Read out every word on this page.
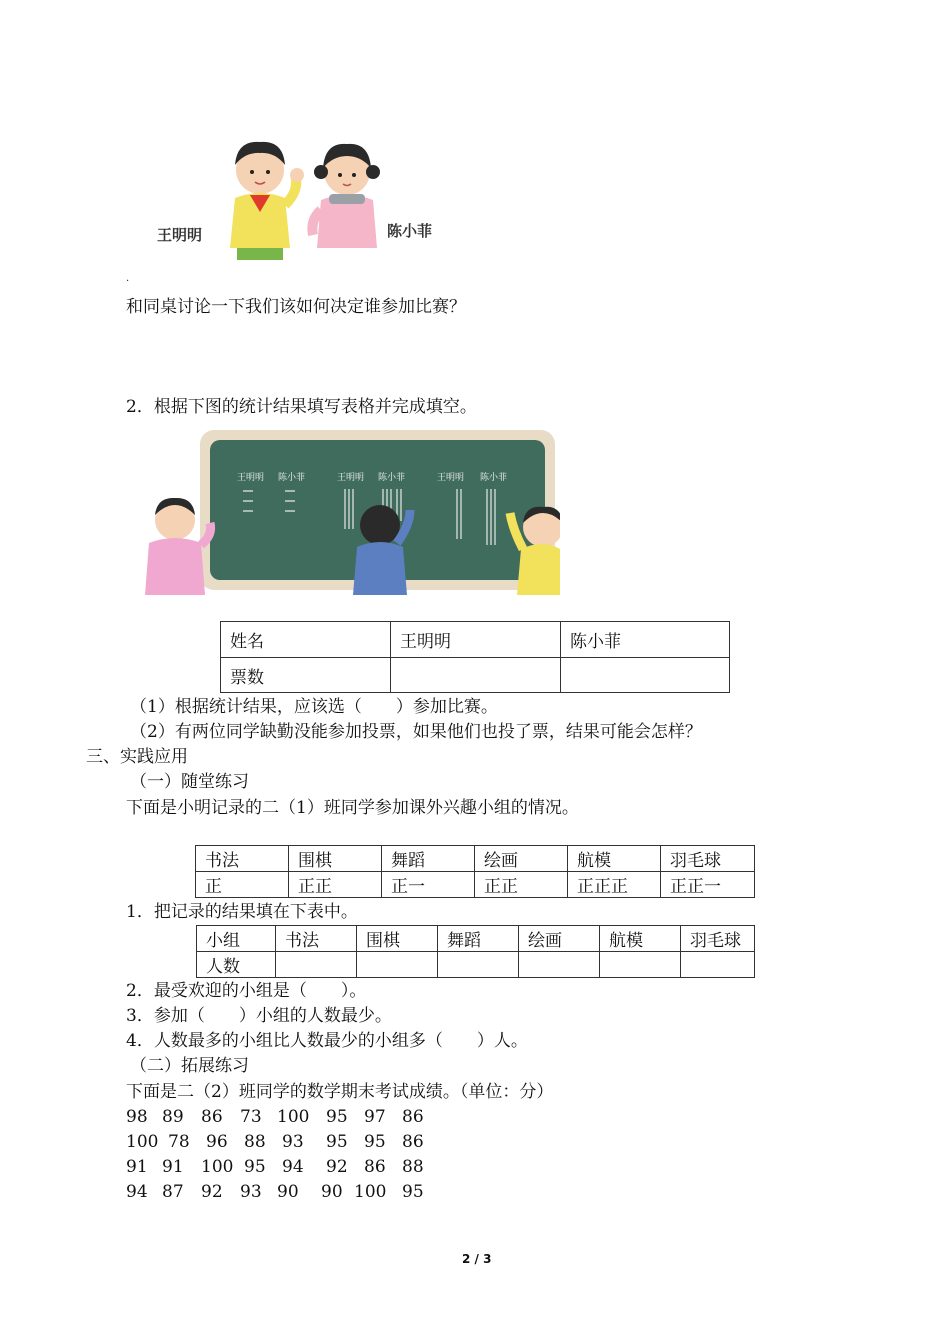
王明明	陈小菲
.
和同桌讨论一下我们该如何决定谁参加比赛？
2．根据下图的统计结果填写表格并完成填空。
王明明 陈小菲	王明明 陈小菲	王明明 陈小菲
姓名	王明明	陈小菲
票数		
（1）根据统计结果，应该选（　　）参加比赛。
（2）有两位同学缺勤没能参加投票，如果他们也投了票，结果可能会怎样？
三、实践应用
（一）随堂练习
下面是小明记录的二（1）班同学参加课外兴趣小组的情况。
书法	围棋	舞蹈	绘画	航模	羽毛球
正	正正	正一	正正	正正正	正正一
1．把记录的结果填在下表中。
小组	书法	围棋	舞蹈	绘画	航模	羽毛球
人数						
2．最受欢迎的小组是（　　）。
3．参加（　　）小组的人数最少。
4．人数最多的小组比人数最少的小组多（　　）人。
（二）拓展练习
下面是二（2）班同学的数学期末考试成绩。（单位：分）
98 89 86 73 100 95 97 86
100 78 96 88 93 95 95 86
91 91 100 95 94 92 86 88
94 87 92 93 90 90 100 95
2 / 3
